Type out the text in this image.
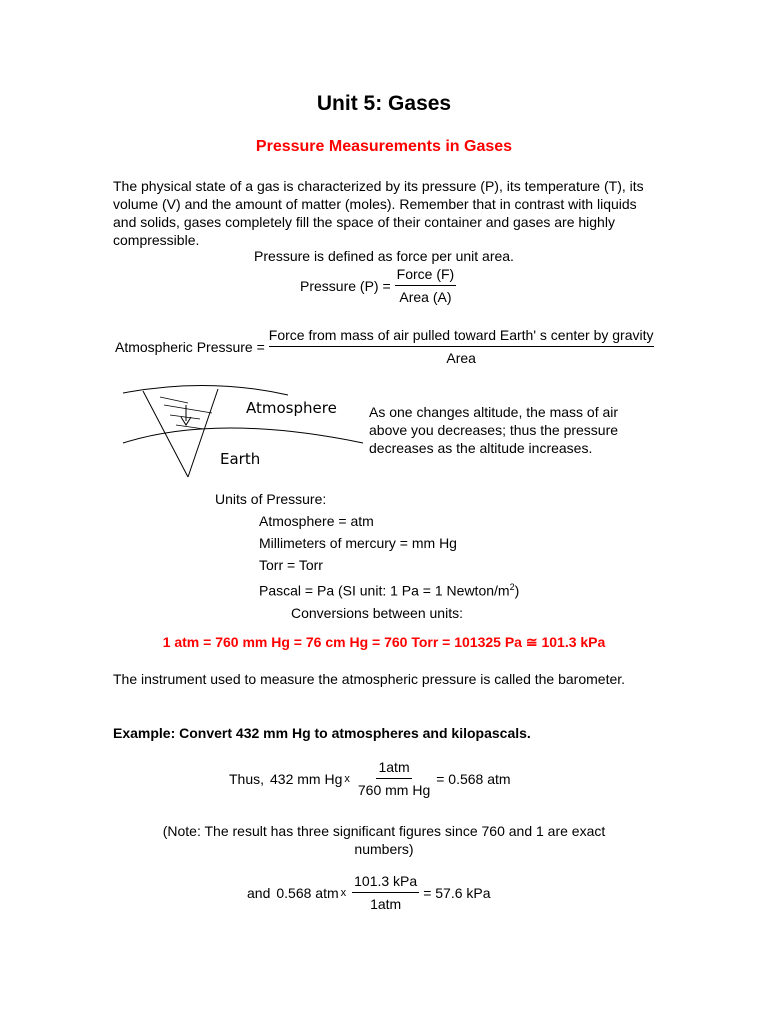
Unit 5: Gases
Pressure Measurements in Gases
The physical state of a gas is characterized by its pressure (P), its temperature (T), its volume (V) and the amount of matter (moles). Remember that in contrast with liquids and solids, gases completely fill the space of their container and gases are highly compressible.
Pressure is defined as force per unit area.
Pressure $(P) = \frac{\text{Force (F)}}{\text{Area (A)}}$
Atmospheric Pressure =
Force from mass of air pulled toward Earth' s center by gravity
Area
Atmosphere
Earth
As one changes altitude, the mass of air above you decreases; thus the pressure decreases as the altitude increases.
Units of Pressure:
Atmosphere = atm
Millimeters of mercury = mm Hg
Torr = Torr
Pascal = Pa (SI unit: 1 Pa = 1 Newton/$m^2$)
Conversions between units:
1 atm = 760 mm Hg = 76 cm Hg = 760 Torr = 101325 Pa ≅ 101.3 kPa
The instrument used to measure the atmospheric pressure is called the barometer.
Example: Convert 432 mm Hg to atmospheres and kilopascals.
Thus, 432 mm Hg x $\frac{\text{1atm}}{\text{760 mm Hg}} = 0.568$ atm
(Note: The result has three significant figures since 760 and 1 are exact numbers)
and 0.568 atm x $\frac{\text{101.3 kPa}}{\text{1atm}} = 57.6$ kPa
